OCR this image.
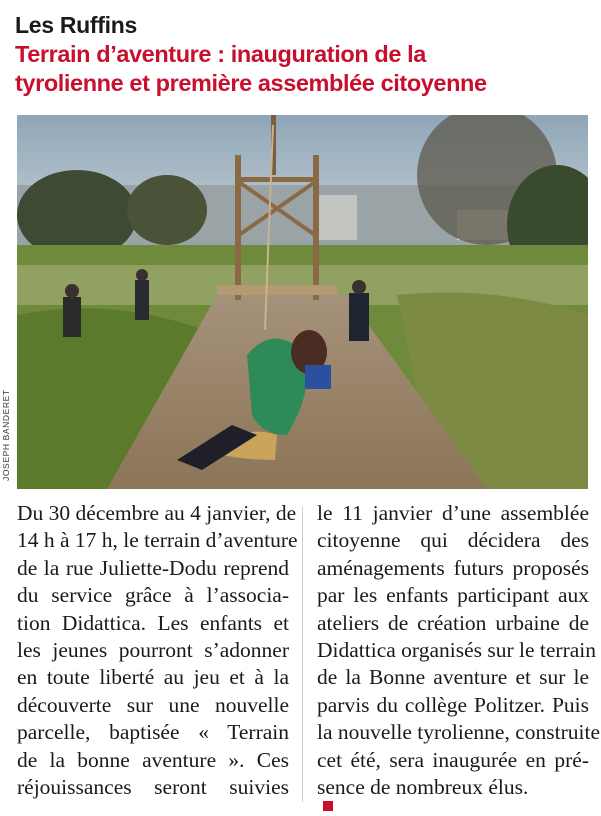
Les Ruffins
Terrain d’aventure : inauguration de la
tyrolienne et première assemblée citoyenne
JOSEPH BANDERET
Du 30 décembre au 4 janvier, de
14 h à 17 h, le terrain d’aventure
de la rue Juliette-Dodu reprend
du service grâce à l’associa-
tion Didattica. Les enfants et
les jeunes pourront s’adonner
en toute liberté au jeu et à la
découverte sur une nouvelle
parcelle, baptisée « Terrain
de la bonne aventure ». Ces
réjouissances seront suivies
le 11 janvier d’une assemblée
citoyenne qui décidera des
aménagements futurs proposés
par les enfants participant aux
ateliers de création urbaine de
Didattica organisés sur le terrain
de la Bonne aventure et sur le
parvis du collège Politzer. Puis
la nouvelle tyrolienne, construite
cet été, sera inaugurée en pré-
sence de nombreux élus.
